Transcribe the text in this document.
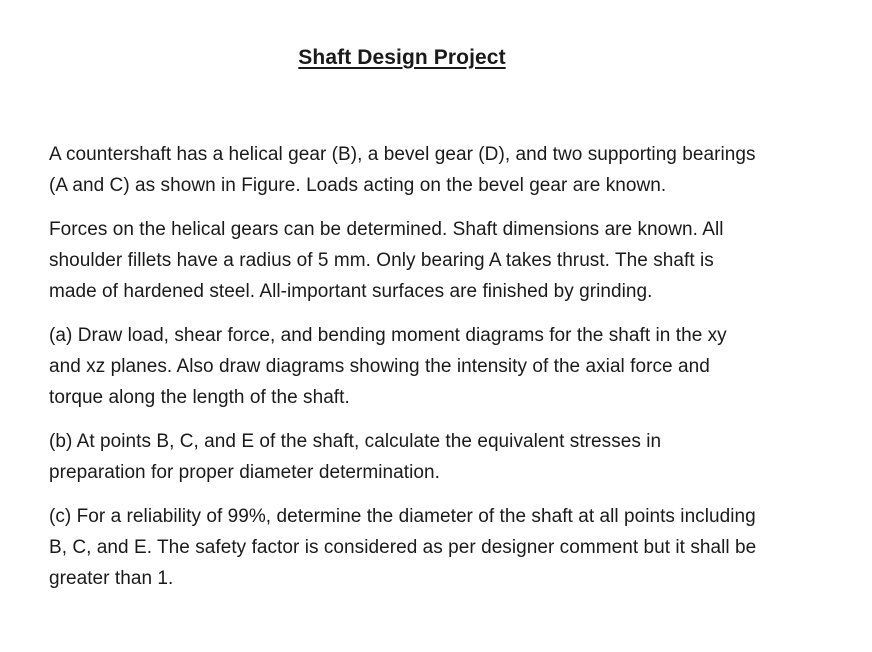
Shaft Design Project

A countershaft has a helical gear (B), a bevel gear (D), and two supporting bearings (A and C) as shown in Figure. Loads acting on the bevel gear are known.

Forces on the helical gears can be determined. Shaft dimensions are known. All shoulder fillets have a radius of 5 mm. Only bearing A takes thrust. The shaft is made of hardened steel. All-important surfaces are finished by grinding.

(a) Draw load, shear force, and bending moment diagrams for the shaft in the xy and xz planes. Also draw diagrams showing the intensity of the axial force and torque along the length of the shaft.

(b) At points B, C, and E of the shaft, calculate the equivalent stresses in preparation for proper diameter determination.

(c) For a reliability of 99%, determine the diameter of the shaft at all points including B, C, and E. The safety factor is considered as per designer comment but it shall be greater than 1.
